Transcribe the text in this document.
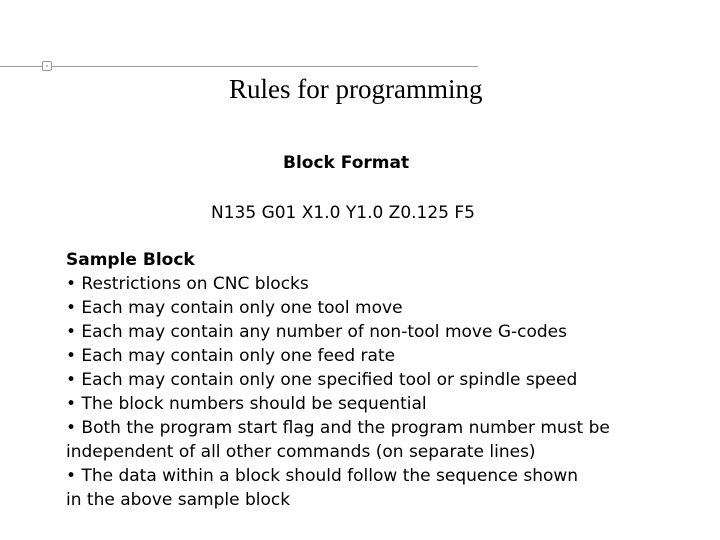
Rules for programming
Block Format
N135 G01 X1.0 Y1.0 Z0.125 F5
Sample Block
• Restrictions on CNC blocks
• Each may contain only one tool move
• Each may contain any number of non-tool move G-codes
• Each may contain only one feed rate
• Each may contain only one specified tool or spindle speed
• The block numbers should be sequential
• Both the program start flag and the program number must be
independent of all other commands (on separate lines)
• The data within a block should follow the sequence shown
in the above sample block
